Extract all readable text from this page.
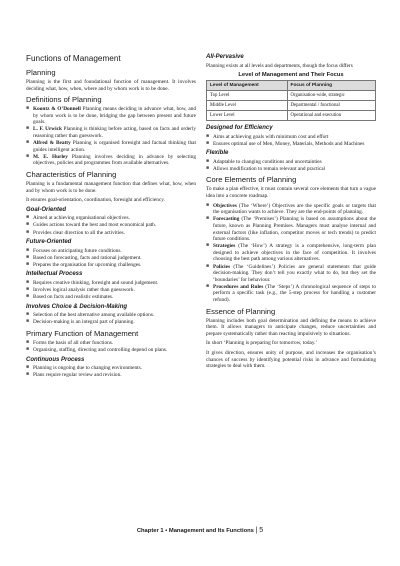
Functions of Management
Planning

Planning is the first and foundational function of management. It involves deciding what, how, when, where and by whom work is to be done.

Definitions of Planning
■ Koontz & O’Donnell Planning means deciding in advance what, how, and by whom work is to be done, bridging the gap between present and future goals.
■ L. F. Urwick Planning is thinking before acting, based on facts and orderly reasoning rather than guesswork.
■ Alfred & Beatty Planning is organised foresight and factual thinking that guides intelligent action.
■ M. E. Hurley Planning involves deciding in advance by selecting objectives, policies and programmes from available alternatives.
Characteristics of Planning

Planning is a fundamental management function that defines what, how, when and by whom work is to be done.

It ensures goal-orientation, coordination, foresight and efficiency.

Goal-Oriented
■ Aimed at achieving organisational objectives.
■ Guides actions toward the best and most economical path.
■ Provides clear direction to all the activities.
Future-Oriented
■ Focuses on anticipating future conditions.
■ Based on forecasting, facts and rational judgement.
■ Prepares the organisation for upcoming challenges.
Intellectual Process
■ Requires creative thinking, foresight and sound judgement.
■ Involves logical analysis rather than guesswork.
■ Based on facts and realistic estimates.
Involves Choice & Decision-Making
■ Selection of the best alternative among available options.
■ Decision-making is an integral part of planning.
Primary Function of Management
■ Forms the basis of all other functions.
■ Organising, staffing, directing and controlling depend on plans.
Continuous Process
■ Planning is ongoing due to changing environments.
■ Plans require regular review and revision.
All-Pervasive

Planning exists at all levels and departments, though the focus differs

Level of Management and Their Focus
Level of Management	Focus of Planning
Top Level	Organisation-wide, strategic
Middle Level	Departmental / functional
Lower Level	Operational and execution
Designed for Efficiency
■ Aims at achieving goals with minimum cost and effort
■ Ensures optimal use of Men, Money, Materials, Methods and Machines
Flexible
■ Adaptable to changing conditions and uncertainties
■ Allows modification to remain relevant and practical
Core Elements of Planning

To make a plan effective, it must contain several core elements that turn a vague idea into a concrete roadmap.

■ Objectives (The ‘Where’) Objectives are the specific goals or targets that the organisation wants to achieve. They are the end-points of planning.
■ Forecasting (The ‘Premises’) Planning is based on assumptions about the future, known as Planning Premises. Managers must analyse internal and external factors (like inflation, competitor moves or tech trends) to predict future conditions.
■ Strategies (The ‘How’) A strategy is a comprehensive, long-term plan designed to achieve objectives in the face of competition. It involves choosing the best path among various alternatives.
■ Policies (The ‘Guidelines’) Policies are general statements that guide decision-making. They don’t tell you exactly what to do, but they set the ‘boundaries’ for behaviour.
■ Procedures and Rules (The ‘Steps’) A chronological sequence of steps to perform a specific task (e.g., the 5-step process for handling a customer refund).
Essence of Planning

Planning includes both goal determination and defining the means to achieve them. It allows managers to anticipate changes, reduce uncertainties and prepare systematically rather than reacting impulsively to situations.

In short ‘Planning is preparing for tomorrow, today.’

It gives direction, ensures unity of purpose, and increases the organisation’s chances of success by identifying potential risks in advance and formulating strategies to deal with them.

Chapter 1 • Management and Its Functions | 5
